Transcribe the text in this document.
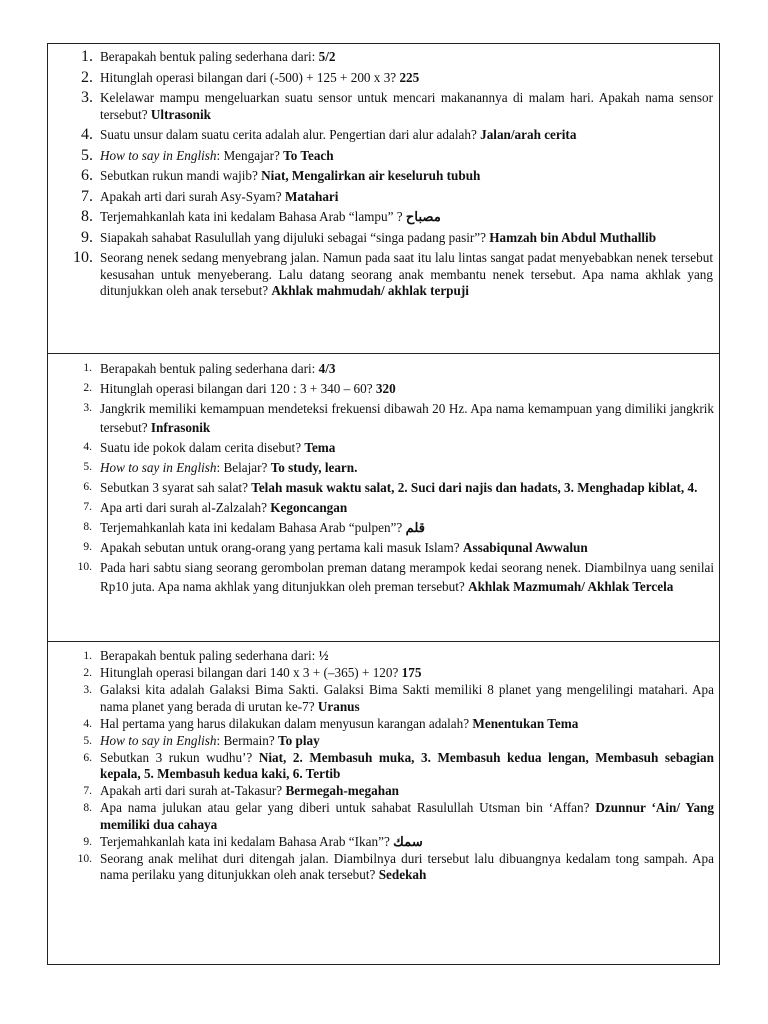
1. Berapakah bentuk paling sederhana dari: 5/2
2. Hitunglah operasi bilangan dari (-500) + 125 + 200 x 3? 225
3. Kelelawar mampu mengeluarkan suatu sensor untuk mencari makanannya di malam hari. Apakah nama sensor tersebut? Ultrasonik
4. Suatu unsur dalam suatu cerita adalah alur. Pengertian dari alur adalah? Jalan/arah cerita
5. How to say in English: Mengajar? To Teach
6. Sebutkan rukun mandi wajib? Niat, Mengalirkan air keseluruh tubuh
7. Apakah arti dari surah Asy-Syam? Matahari
8. Terjemahkanlah kata ini kedalam Bahasa Arab “lampu” ? مصباح
9. Siapakah sahabat Rasulullah yang dijuluki sebagai “singa padang pasir”? Hamzah bin Abdul Muthallib
10. Seorang nenek sedang menyebrang jalan. Namun pada saat itu lalu lintas sangat padat menyebabkan nenek tersebut kesusahan untuk menyeberang. Lalu datang seorang anak membantu nenek tersebut. Apa nama akhlak yang ditunjukkan oleh anak tersebut? Akhlak mahmudah/ akhlak terpuji
1. Berapakah bentuk paling sederhana dari: 4/3
2. Hitunglah operasi bilangan dari 120 : 3 + 340 – 60? 320
3. Jangkrik memiliki kemampuan mendeteksi frekuensi dibawah 20 Hz. Apa nama kemampuan yang dimiliki jangkrik tersebut? Infrasonik
4. Suatu ide pokok dalam cerita disebut? Tema
5. How to say in English: Belajar? To study, learn.
6. Sebutkan 3 syarat sah salat? Telah masuk waktu salat, 2. Suci dari najis dan hadats, 3. Menghadap kiblat, 4.
7. Apa arti dari surah al-Zalzalah? Kegoncangan
8. Terjemahkanlah kata ini kedalam Bahasa Arab “pulpen”? قلم
9. Apakah sebutan untuk orang-orang yang pertama kali masuk Islam? Assabiqunal Awwalun
10. Pada hari sabtu siang seorang gerombolan preman datang merampok kedai seorang nenek. Diambilnya uang senilai Rp10 juta. Apa nama akhlak yang ditunjukkan oleh preman tersebut? Akhlak Mazmumah/ Akhlak Tercela
1. Berapakah bentuk paling sederhana dari: ½
2. Hitunglah operasi bilangan dari 140 x 3 + (–365) + 120? 175
3. Galaksi kita adalah Galaksi Bima Sakti. Galaksi Bima Sakti memiliki 8 planet yang mengelilingi matahari. Apa nama planet yang berada di urutan ke-7? Uranus
4. Hal pertama yang harus dilakukan dalam menyusun karangan adalah? Menentukan Tema
5. How to say in English: Bermain? To play
6. Sebutkan 3 rukun wudhu’? Niat, 2. Membasuh muka, 3. Membasuh kedua lengan, Membasuh sebagian kepala, 5. Membasuh kedua kaki, 6. Tertib
7. Apakah arti dari surah at-Takasur? Bermegah-megahan
8. Apa nama julukan atau gelar yang diberi untuk sahabat Rasulullah Utsman bin ‘Affan? Dzunnur ‘Ain/ Yang memiliki dua cahaya
9. Terjemahkanlah kata ini kedalam Bahasa Arab “Ikan”? سمك
10. Seorang anak melihat duri ditengah jalan. Diambilnya duri tersebut lalu dibuangnya kedalam tong sampah. Apa nama perilaku yang ditunjukkan oleh anak tersebut? Sedekah
